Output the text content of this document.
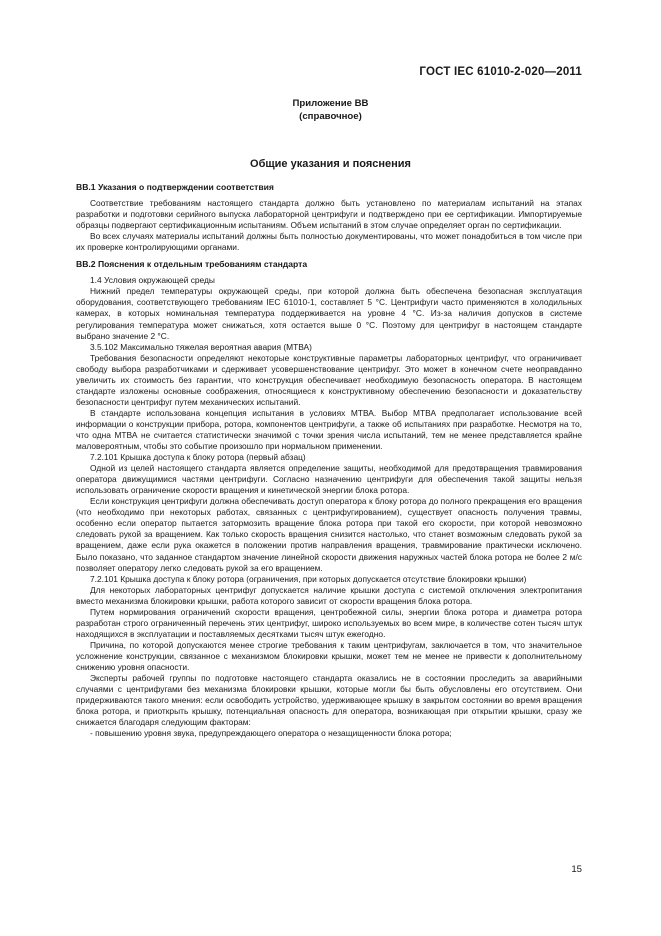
ГОСТ IEC 61010-2-020—2011
Приложение ВВ
(справочное)
Общие указания и пояснения
ВВ.1 Указания о подтверждении соответствия

Соответствие требованиям настоящего стандарта должно быть установлено по материалам испытаний на этапах разработки и подготовки серийного выпуска лабораторной центрифуги и подтверждено при ее сертификации. Импортируемые образцы подвергают сертификационным испытаниям. Объем испытаний в этом случае определяет орган по сертификации.

Во всех случаях материалы испытаний должны быть полностью документированы, что может понадобиться в том числе при их проверке контролирующими органами.

ВВ.2 Пояснения к отдельным требованиям стандарта

1.4 Условия окружающей среды

Нижний предел температуры окружающей среды, при которой должна быть обеспечена безопасная эксплуатация оборудования, соответствующего требованиям IEC 61010-1, составляет 5 °С. Центрифуги часто применяются в холодильных камерах, в которых номинальная температура поддерживается на уровне 4 °С. Из-за наличия допусков в системе регулирования температура может снижаться, хотя остается выше 0 °С. Поэтому для центрифуг в настоящем стандарте выбрано значение 2 °С.

3.5.102 Максимально тяжелая вероятная авария (МТВА)

Требования безопасности определяют некоторые конструктивные параметры лабораторных центрифуг, что ограничивает свободу выбора разработчиками и сдерживает усовершенствование центрифуг. Это может в конечном счете неоправданно увеличить их стоимость без гарантии, что конструкция обеспечивает необходимую безопасность оператора. В настоящем стандарте изложены основные соображения, относящиеся к конструктивному обеспечению безопасности и доказательству безопасности центрифуг путем механических испытаний.

В стандарте использована концепция испытания в условиях МТВА. Выбор МТВА предполагает использование всей информации о конструкции прибора, ротора, компонентов центрифуги, а также об испытаниях при разработке. Несмотря на то, что одна МТВА не считается статистически значимой с точки зрения числа испытаний, тем не менее представляется крайне маловероятным, чтобы это событие произошло при нормальном применении.

7.2.101 Крышка доступа к блоку ротора (первый абзац)

Одной из целей настоящего стандарта является определение защиты, необходимой для предотвращения травмирования оператора движущимися частями центрифуги. Согласно назначению центрифуги для обеспечения такой защиты нельзя использовать ограничение скорости вращения и кинетической энергии блока ротора.

Если конструкция центрифуги должна обеспечивать доступ оператора к блоку ротора до полного прекращения его вращения (что необходимо при некоторых работах, связанных с центрифугированием), существует опасность получения травмы, особенно если оператор пытается затормозить вращение блока ротора при такой его скорости, при которой невозможно следовать рукой за вращением. Как только скорость вращения снизится настолько, что станет возможным следовать рукой за вращением, даже если рука окажется в положении против направления вращения, травмирование практически исключено. Было показано, что заданное стандартом значение линейной скорости движения наружных частей блока ротора не более 2 м/с позволяет оператору легко следовать рукой за его вращением.

7.2.101 Крышка доступа к блоку ротора (ограничения, при которых допускается отсутствие блокировки крышки)

Для некоторых лабораторных центрифуг допускается наличие крышки доступа с системой отключения электропитания вместо механизма блокировки крышки, работа которого зависит от скорости вращения блока ротора.

Путем нормирования ограничений скорости вращения, центробежной силы, энергии блока ротора и диаметра ротора разработан строго ограниченный перечень этих центрифуг, широко используемых во всем мире, в количестве сотен тысяч штук находящихся в эксплуатации и поставляемых десятками тысяч штук ежегодно.

Причина, по которой допускаются менее строгие требования к таким центрифугам, заключается в том, что значительное усложнение конструкции, связанное с механизмом блокировки крышки, может тем не менее не привести к дополнительному снижению уровня опасности.

Эксперты рабочей группы по подготовке настоящего стандарта оказались не в состоянии проследить за аварийными случаями с центрифугами без механизма блокировки крышки, которые могли бы быть обусловлены его отсутствием. Они придерживаются такого мнения: если освободить устройство, удерживающее крышку в закрытом состоянии во время вращения блока ротора, и приоткрыть крышку, потенциальная опасность для оператора, возникающая при открытии крышки, сразу же снижается благодаря следующим факторам:

- повышению уровня звука, предупреждающего оператора о незащищенности блока ротора;

15
